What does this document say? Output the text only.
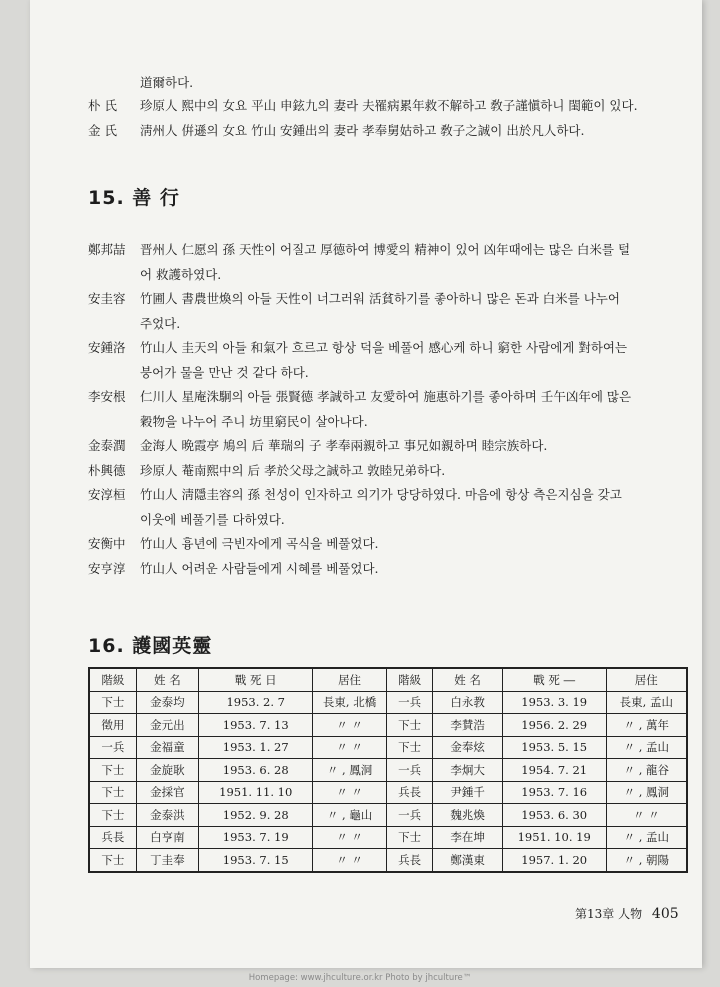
道爾하다.
朴 氏 珍原人 熙中의 女요 平山 申鉉九의 妻라 夫罹病累年救不解하고 敎子謹愼하니 閨範이 있다.
金 氏 淸州人 倂遜의 女요 竹山 安鍾出의 妻라 孝奉舅姑하고 敎子之誠이 出於凡人하다.
15. 善 行
鄭邦喆 晋州人 仁愿의 孫 天性이 어질고 厚德하여 博愛의 精神이 있어 凶年때에는 많은 白米를 털
어 救護하였다.
安圭容 竹圃人 書農世煥의 아들 天性이 너그러워 活貧하기를 좋아하니 많은 돈과 白米를 나누어
주었다.
安鍾洛 竹山人 圭天의 아들 和氣가 흐르고 항상 덕을 베풀어 感心케 하니 窮한 사람에게 對하여는
붕어가 물을 만난 것 같다 하다.
李安根 仁川人 星庵洙駉의 아들 張賢德 孝誠하고 友愛하여 施惠하기를 좋아하며 壬午凶年에 많은
穀物을 나누어 주니 坊里窮民이 살아나다.
金泰潤 金海人 晩霞亭 鳩의 后 華瑞의 子 孝奉兩親하고 事兄如親하며 睦宗族하다.
朴興德 珍原人 菴南熙中의 后 孝於父母之誠하고 敦睦兄弟하다.
安淳桓 竹山人 淸隱圭容의 孫 천성이 인자하고 의기가 당당하였다. 마음에 항상 측은지심을 갖고
이웃에 베풀기를 다하였다.
安衡中 竹山人 흉년에 극빈자에게 곡식을 베풀었다.
安亨淳 竹山人 어려운 사람들에게 시혜를 베풀었다.
16. 護國英靈
階級	姓 名	戰 死 日	居住	階級	姓 名	戰 死 ―	居住
下士	金泰均	1953. 2. 7	長東, 北橋	一兵	白永教	1953. 3. 19	長東, 孟山
徵用	金元出	1953. 7. 13	〃 〃	下士	李賛浩	1956. 2. 29	〃 , 萬年
一兵	金福童	1953. 1. 27	〃 〃	下士	金奉炫	1953. 5. 15	〃 , 孟山
下士	金旋耿	1953. 6. 28	〃 , 鳳洞	一兵	李炯大	1954. 7. 21	〃 , 龍谷
下士	金採官	1951. 11. 10	〃 〃	兵長	尹鍾千	1953. 7. 16	〃 , 鳳洞
下士	金泰洪	1952. 9. 28	〃 , 龜山	一兵	魏兆煥	1953. 6. 30	〃 〃
兵長	白亨南	1953. 7. 19	〃 〃	下士	李在坤	1951. 10. 19	〃 , 孟山
下士	丁圭奉	1953. 7. 15	〃 〃	兵長	鄭漢東	1957. 1. 20	〃 , 朝陽
第13章 人物 405
Homepage: www.jhculture.or.kr Photo by jhculture™
